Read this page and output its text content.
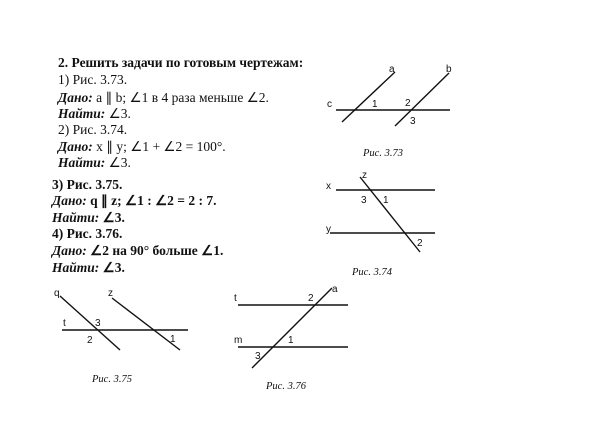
2. Решить задачи по готовым чертежам:
1) Рис. 3.73.
Дано: a ∥ b; ∠1 в 4 раза меньше ∠2.
Найти: ∠3.
2) Рис. 3.74.
Дано: x ∥ y; ∠1 + ∠2 = 100°.
Найти: ∠3.
3) Рис. 3.75.
Дано: q ∥ z; ∠1 : ∠2 = 2 : 7.
Найти: ∠3.
4) Рис. 3.76.
Дано: ∠2 на 90° больше ∠1.
Найти: ∠3.
a	b
c	1	2
3
x
y
z
1
2
3
q	z
t
1
2
3
t
m
a
1
2
3
Рис. 3.73
Рис. 3.74
Рис. 3.75
Рис. 3.76
